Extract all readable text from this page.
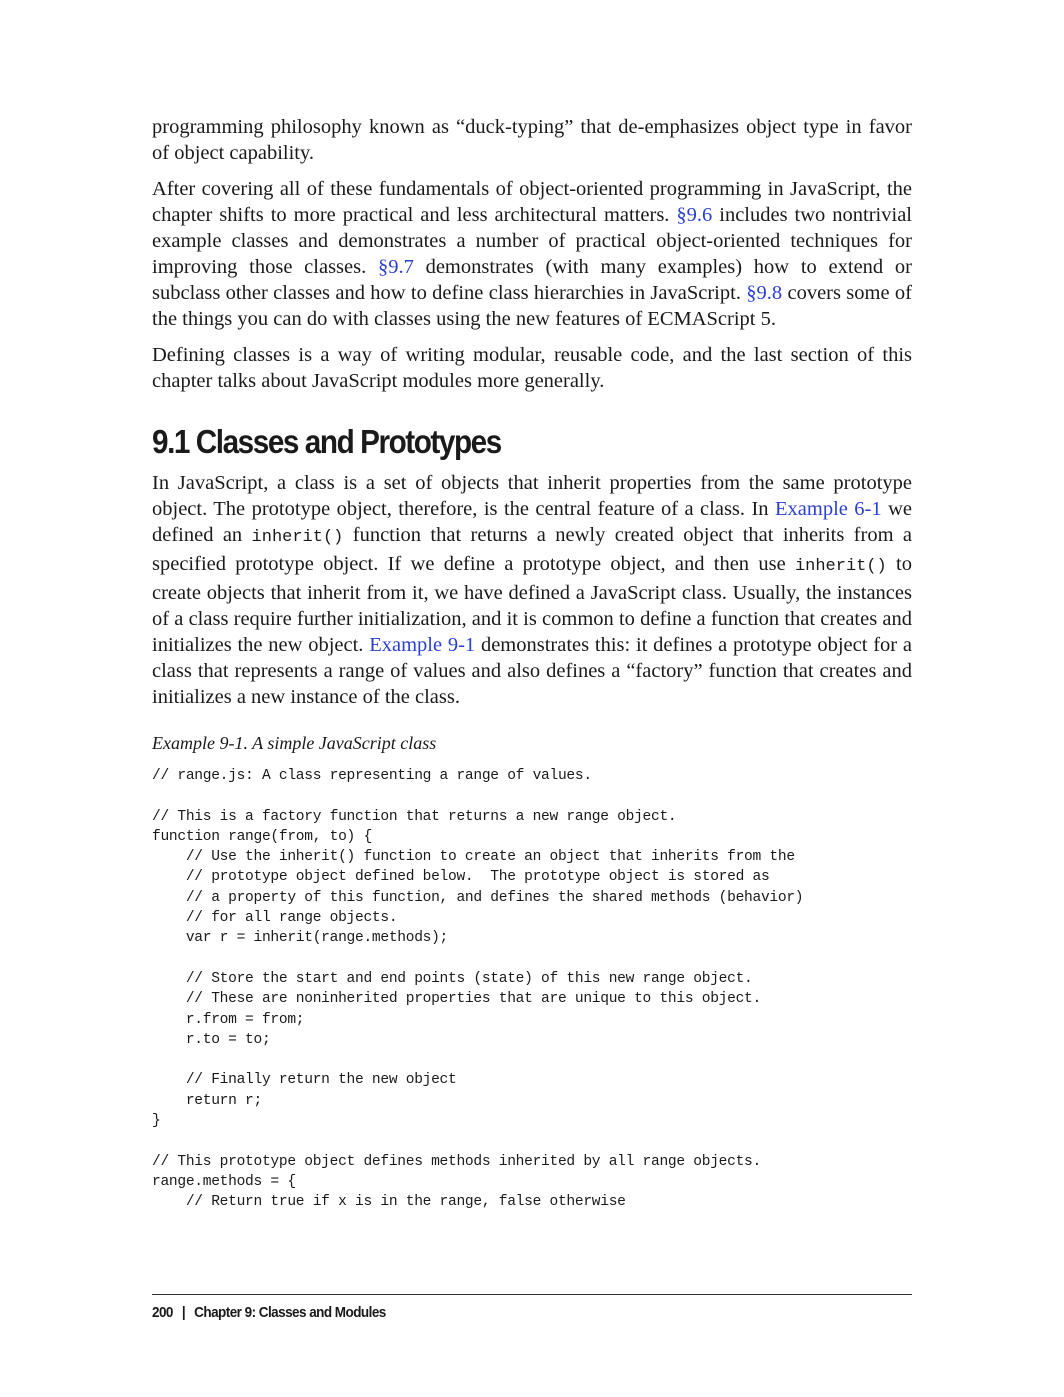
programming philosophy known as “duck-typing” that de-emphasizes object type in favor of object capability.

After covering all of these fundamentals of object-oriented programming in JavaScript, the chapter shifts to more practical and less architectural matters. §9.6 includes two nontrivial example classes and demonstrates a number of practical object-oriented techniques for improving those classes. §9.7 demonstrates (with many examples) how to extend or subclass other classes and how to define class hierarchies in JavaScript. §9.8 covers some of the things you can do with classes using the new features of ECMAScript 5.

Defining classes is a way of writing modular, reusable code, and the last section of this chapter talks about JavaScript modules more generally.

9.1 Classes and Prototypes

In JavaScript, a class is a set of objects that inherit properties from the same prototype object. The prototype object, therefore, is the central feature of a class. In Example 6-1 we defined an inherit() function that returns a newly created object that inherits from a specified prototype object. If we define a prototype object, and then use inherit() to create objects that inherit from it, we have defined a JavaScript class. Usually, the instances of a class require further initialization, and it is common to define a function that creates and initializes the new object. Example 9-1 demonstrates this: it defines a prototype object for a class that represents a range of values and also defines a “factory” function that creates and initializes a new instance of the class.

Example 9-1. A simple JavaScript class
// range.js: A class representing a range of values.
// This is a factory function that returns a new range object.
function range(from, to) {
// Use the inherit() function to create an object that inherits from the
// prototype object defined below.  The prototype object is stored as
// a property of this function, and defines the shared methods (behavior)
// for all range objects.
var r = inherit(range.methods);
// Store the start and end points (state) of this new range object.
// These are noninherited properties that are unique to this object.
r.from = from;
r.to = to;
// Finally return the new object
return r;
}
// This prototype object defines methods inherited by all range objects.
range.methods = {
// Return true if x is in the range, false otherwise
200 | Chapter 9: Classes and Modules
